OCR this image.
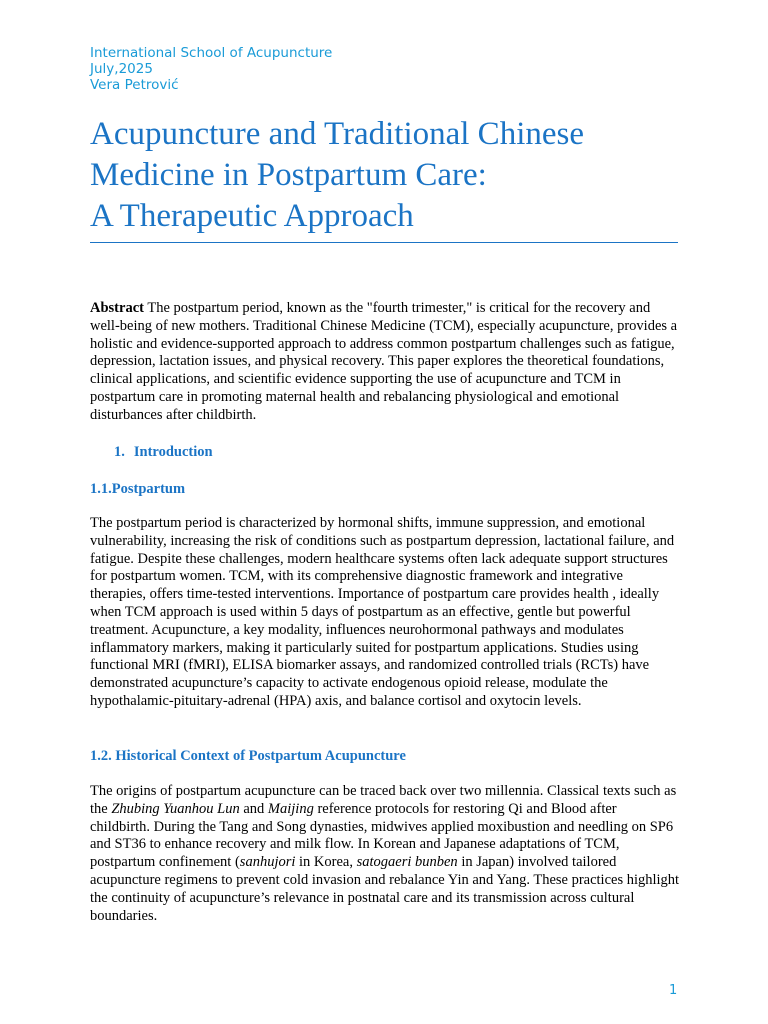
International School of Acupuncture
July,2025
Vera Petrović
Acupuncture and Traditional Chinese
Medicine in Postpartum Care:
A Therapeutic Approach

Abstract The postpartum period, known as the "fourth trimester," is critical for the recovery and well-being of new mothers. Traditional Chinese Medicine (TCM), especially acupuncture, provides a holistic and evidence-supported approach to address common postpartum challenges such as fatigue, depression, lactation issues, and physical recovery. This paper explores the theoretical foundations, clinical applications, and scientific evidence supporting the use of acupuncture and TCM in postpartum care in promoting maternal health and rebalancing physiological and emotional disturbances after childbirth.

1. Introduction
1.1.Postpartum

The postpartum period is characterized by hormonal shifts, immune suppression, and emotional vulnerability, increasing the risk of conditions such as postpartum depression, lactational failure, and fatigue. Despite these challenges, modern healthcare systems often lack adequate support structures for postpartum women. TCM, with its comprehensive diagnostic framework and integrative therapies, offers time-tested interventions. Importance of postpartum care provides health , ideally when TCM approach is used within 5 days of postpartum as an effective, gentle but powerful treatment. Acupuncture, a key modality, influences neurohormonal pathways and modulates inflammatory markers, making it particularly suited for postpartum applications. Studies using functional MRI (fMRI), ELISA biomarker assays, and randomized controlled trials (RCTs) have demonstrated acupuncture’s capacity to activate endogenous opioid release, modulate the hypothalamic-pituitary-adrenal (HPA) axis, and balance cortisol and oxytocin levels.

1.2. Historical Context of Postpartum Acupuncture

The origins of postpartum acupuncture can be traced back over two millennia. Classical texts such as the Zhubing Yuanhou Lun and Maijing reference protocols for restoring Qi and Blood after childbirth. During the Tang and Song dynasties, midwives applied moxibustion and needling on SP6 and ST36 to enhance recovery and milk flow. In Korean and Japanese adaptations of TCM, postpartum confinement (sanhujori in Korea, satogaeri bunben in Japan) involved tailored acupuncture regimens to prevent cold invasion and rebalance Yin and Yang. These practices highlight the continuity of acupuncture’s relevance in postnatal care and its transmission across cultural boundaries.

1
